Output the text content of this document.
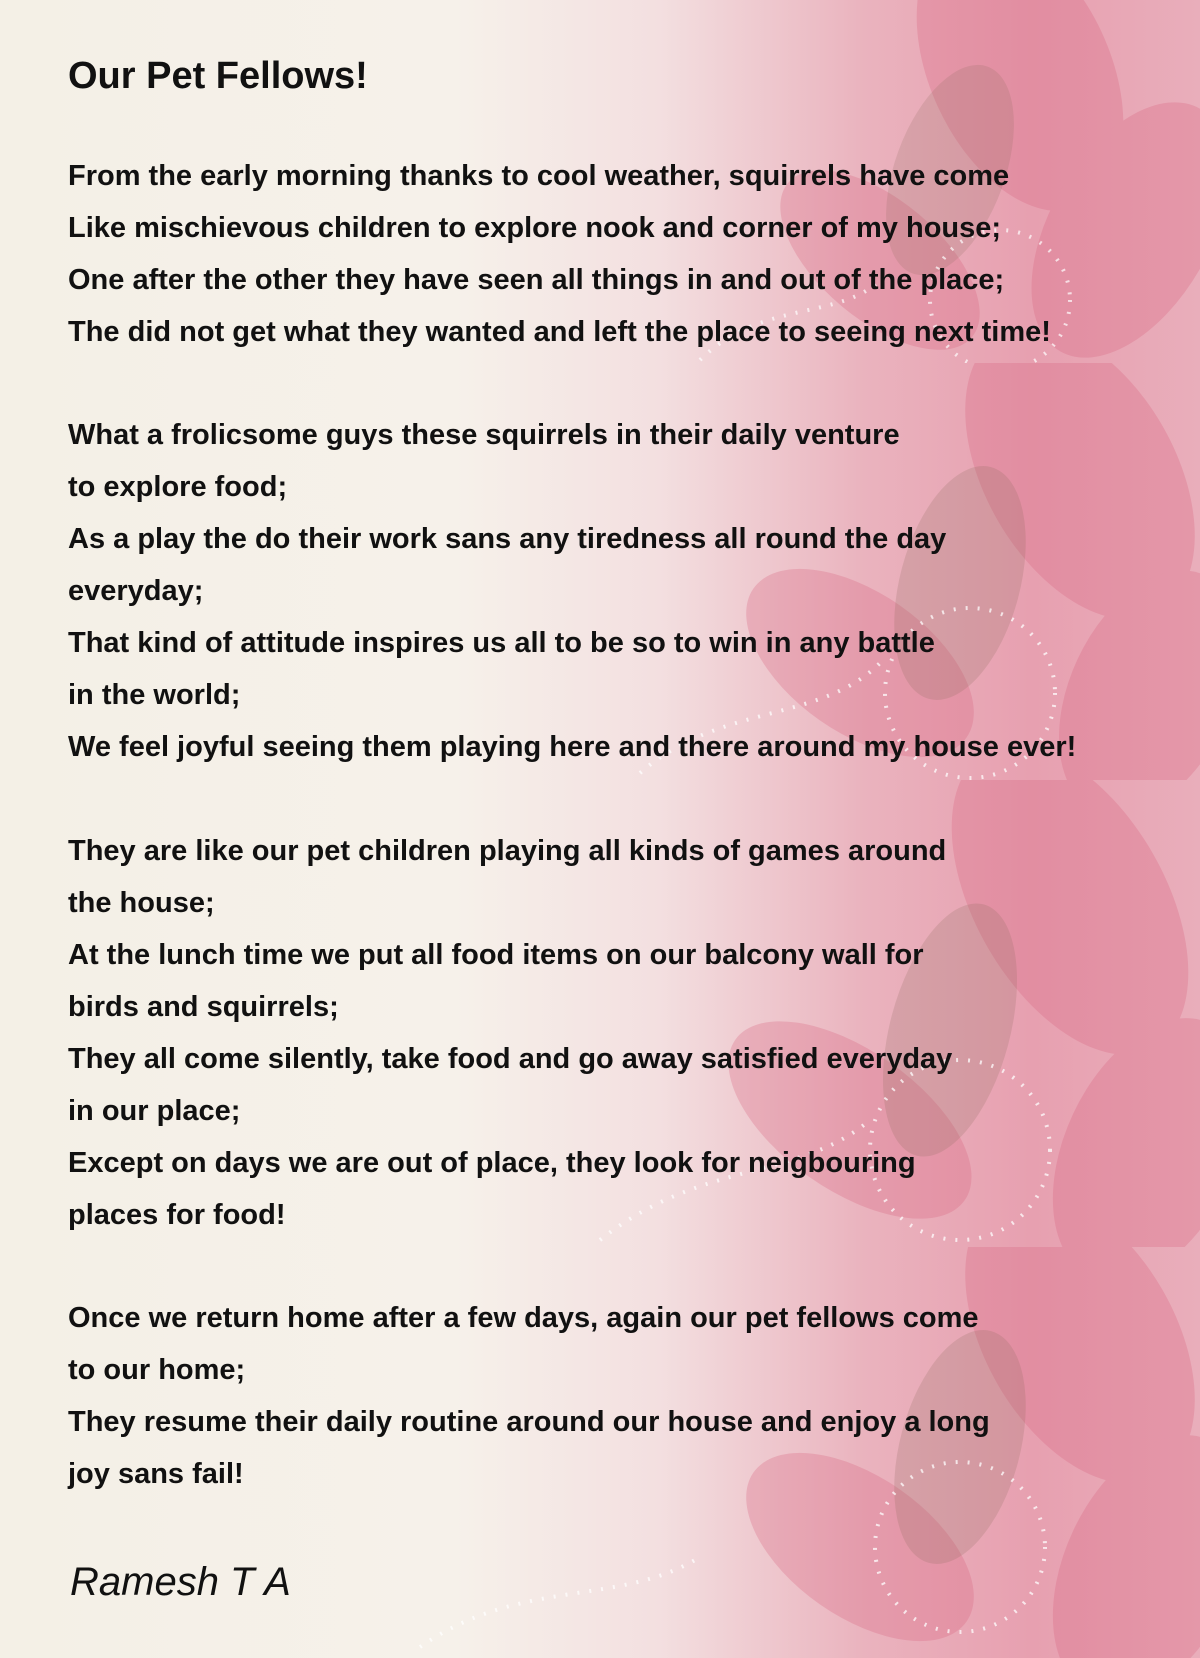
Our Pet Fellows!

From the early morning thanks to cool weather, squirrels have come
Like mischievous children to explore nook and corner of my house;
One after the other they have seen all things in and out of the place;
The did not get what they wanted and left the place to seeing next time!

What a frolicsome guys these squirrels in their daily venture
to explore food;
As a play the do their work sans any tiredness all round the day
everyday;
That kind of attitude inspires us all to be so to win in any battle
in the world;
We feel joyful seeing them playing here and there around my house ever!

They are like our pet children playing all kinds of games around
the house;
At the lunch time we put all food items on our balcony wall for
birds and squirrels;
They all come silently, take food and go away satisfied everyday
in our place;
Except on days we are out of place, they look for neigbouring
places for food!

Once we return home after a few days, again our pet fellows come
to our home;
They resume their daily routine around our house and enjoy a long
joy sans fail!

Ramesh T A
